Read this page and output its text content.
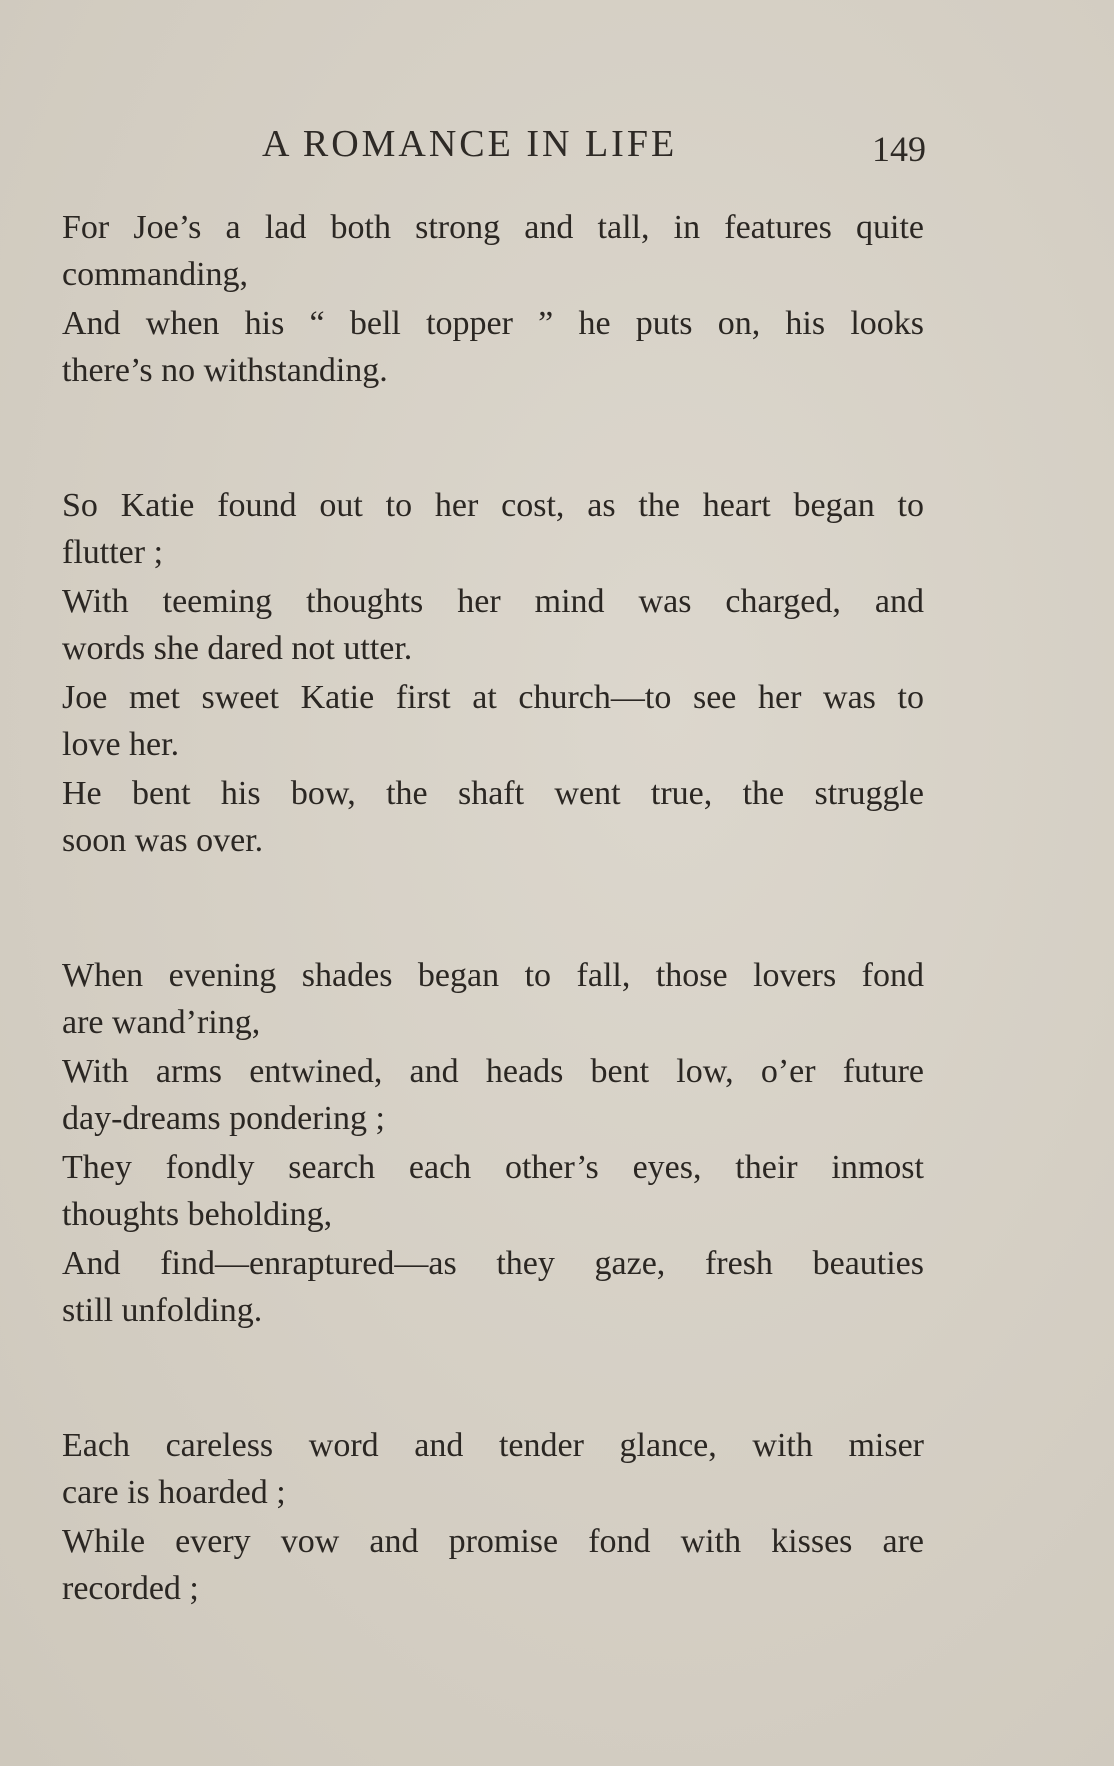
A ROMANCE IN LIFE	149

For Joe’s a lad both strong and tall, in features quite
commanding,

And when his “ bell topper ” he puts on, his looks
there’s no withstanding.

So Katie found out to her cost, as the heart began to
flutter ;

With teeming thoughts her mind was charged, and
words she dared not utter.

Joe met sweet Katie first at church—to see her was to
love her.

He bent his bow, the shaft went true, the struggle
soon was over.

When evening shades began to fall, those lovers fond
are wand’ring,

With arms entwined, and heads bent low, o’er future
day-dreams pondering ;

They fondly search each other’s eyes, their inmost
thoughts beholding,

And find—enraptured—as they gaze, fresh beauties
still unfolding.

Each careless word and tender glance, with miser
care is hoarded ;

While every vow and promise fond with kisses are
recorded ;
